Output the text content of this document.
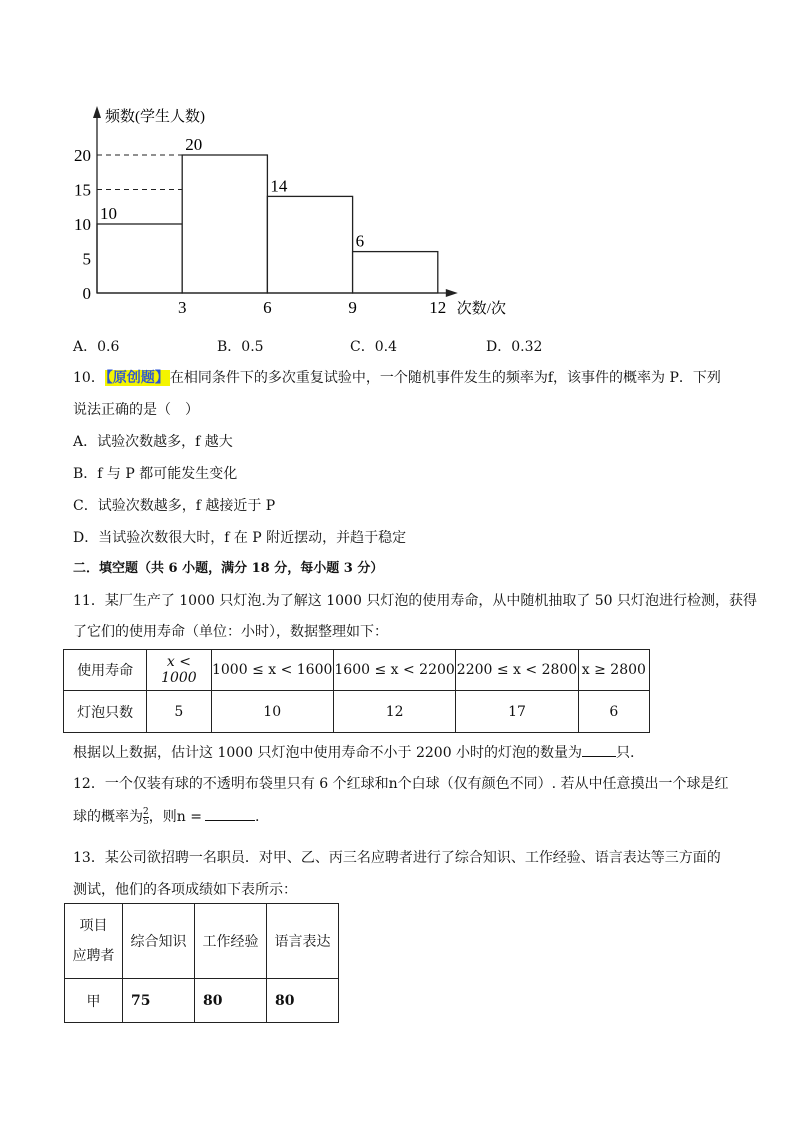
0
5
10
15
20
3	6	9	12
10
20
14
6
频数(学生人数)
次数/次
A．0.6	B．0.5	C．0.4	D．0.32
10．【原创题】在相同条件下的多次重复试验中，一个随机事件发生的频率为f，该事件的概率为 P．下列
说法正确的是（　）
A．试验次数越多，f 越大
B．f 与 P 都可能发生变化
C．试验次数越多，f 越接近于 P
D．当试验次数很大时，f 在 P 附近摆动，并趋于稳定
二．填空题（共 6 小题，满分 18 分，每小题 3 分）
11．某厂生产了 1000 只灯泡.为了解这 1000 只灯泡的使用寿命，从中随机抽取了 50 只灯泡进行检测，获得
了它们的使用寿命（单位：小时），数据整理如下：
使用寿命	x < 1000	1000 ≤ x < 1600	1600 ≤ x < 2200	2200 ≤ x < 2800	x ≥ 2800
灯泡只数	5	10	12	17	6
根据以上数据，估计这 1000 只灯泡中使用寿命不小于 2200 小时的灯泡的数量为 只.
12．一个仅装有球的不透明布袋里只有 6 个红球和n个白球（仅有颜色不同）. 若从中任意摸出一个球是红
球的概率为 $\frac{2}{5}$ ，则n =	.
13．某公司欲招聘一名职员．对甲、乙、丙三名应聘者进行了综合知识、工作经验、语言表达等三方面的
测试，他们的各项成绩如下表所示：
项目
应聘者	综合知识	工作经验	语言表达
甲	75	80	80
